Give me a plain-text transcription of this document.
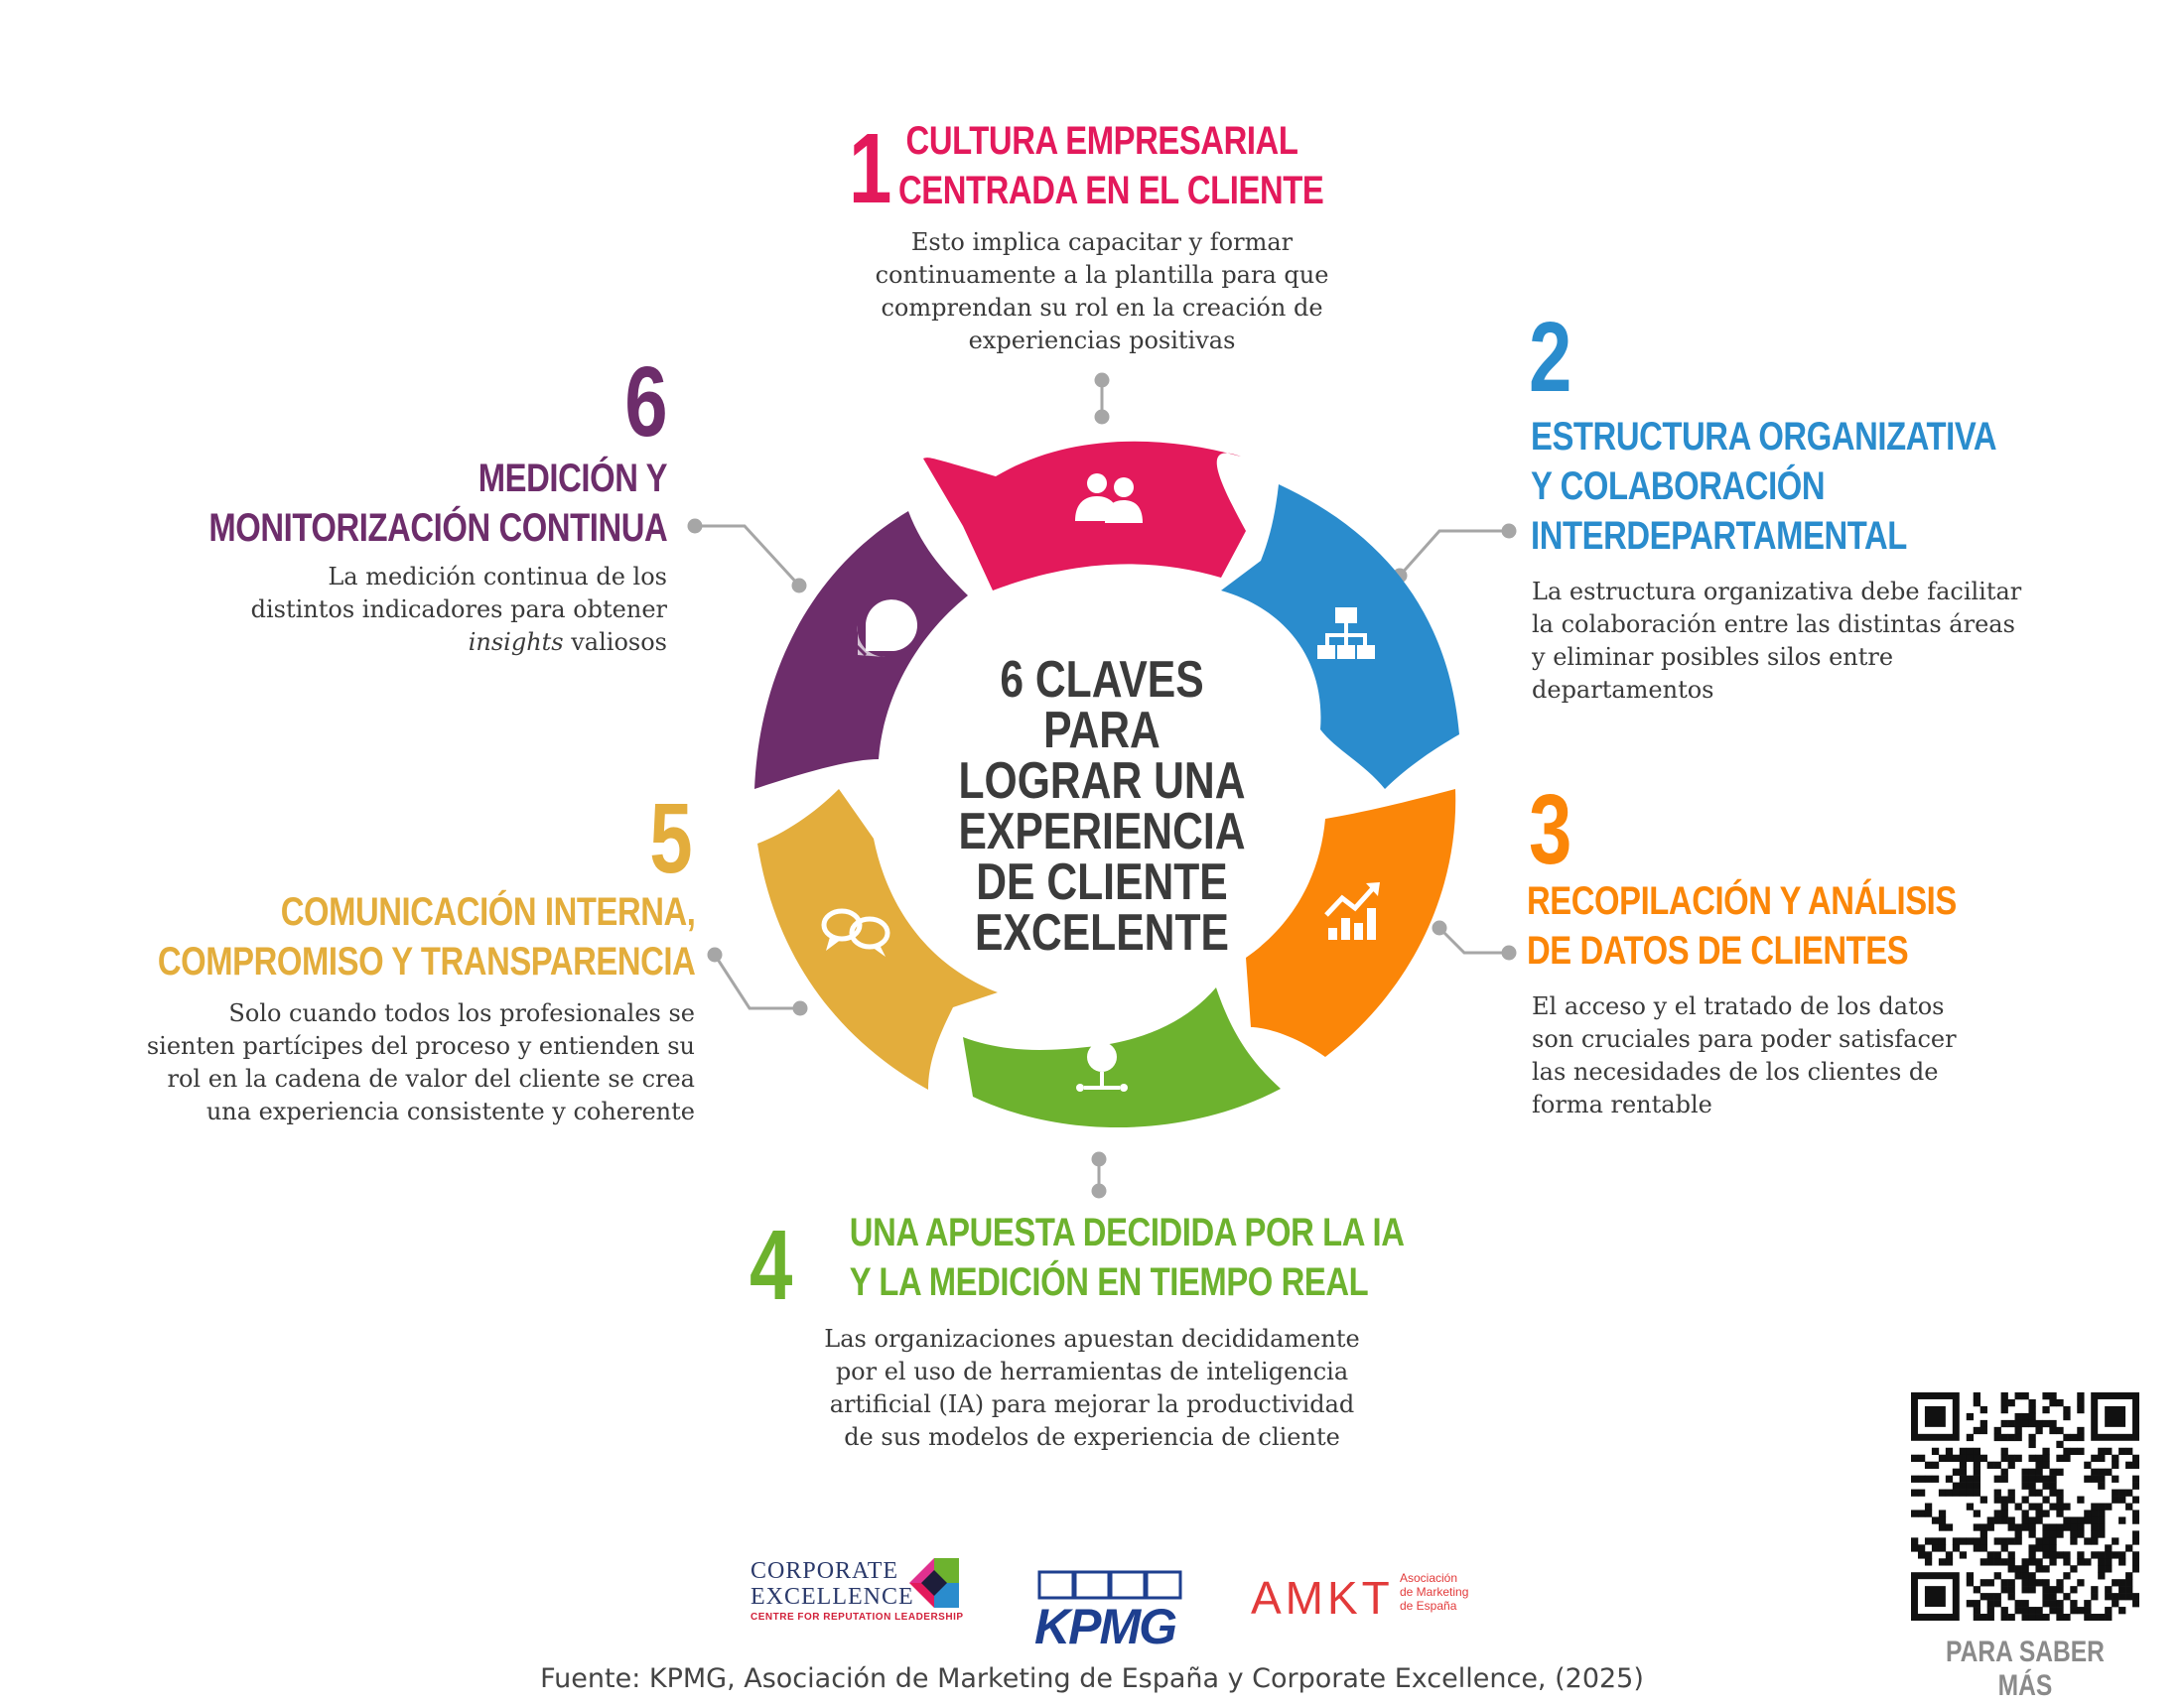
6 CLAVES PARA LOGRAR UNA EXPERIENCIA DE CLIENTE EXCELENTE
1 CULTURA EMPRESARIAL
CENTRADA EN EL CLIENTE
Esto implica capacitar y formar
continuamente a la plantilla para que
comprendan su rol en la creación de
experiencias positivas	2
ESTRUCTURA ORGANIZATIVA
Y COLABORACIÓN
INTERDEPARTAMENTAL
La estructura organizativa debe facilitar
la colaboración entre las distintas áreas
y eliminar posibles silos entre
departamentos
3
RECOPILACIÓN Y ANÁLISIS
DE DATOS DE CLIENTES
El acceso y el tratado de los datos
son cruciales para poder satisfacer
las necesidades de los clientes de
forma rentable
4 UNA APUESTA DECIDIDA POR LA IA
Y LA MEDICIÓN EN TIEMPO REAL
Las organizaciones apuestan decididamente
por el uso de herramientas de inteligencia
artificial (IA) para mejorar la productividad
de sus modelos de experiencia de cliente
5
COMUNICACIÓN INTERNA,
COMPROMISO Y TRANSPARENCIA
Solo cuando todos los profesionales se
sienten partícipes del proceso y entienden su
rol en la cadena de valor del cliente se crea
una experiencia consistente y coherente
6
MEDICIÓN Y
MONITORIZACIÓN CONTINUA
La medición continua de los
distintos indicadores para obtener
insights valiosos
CORPORATE
EXCELLENCE
CENTRE FOR REPUTATION LEADERSHIP KPMG
AMKT Asociación
de Marketing
de España
Fuente: KPMG, Asociación de Marketing de España y Corporate Excellence, (2025)
PARA SABER MÁS
